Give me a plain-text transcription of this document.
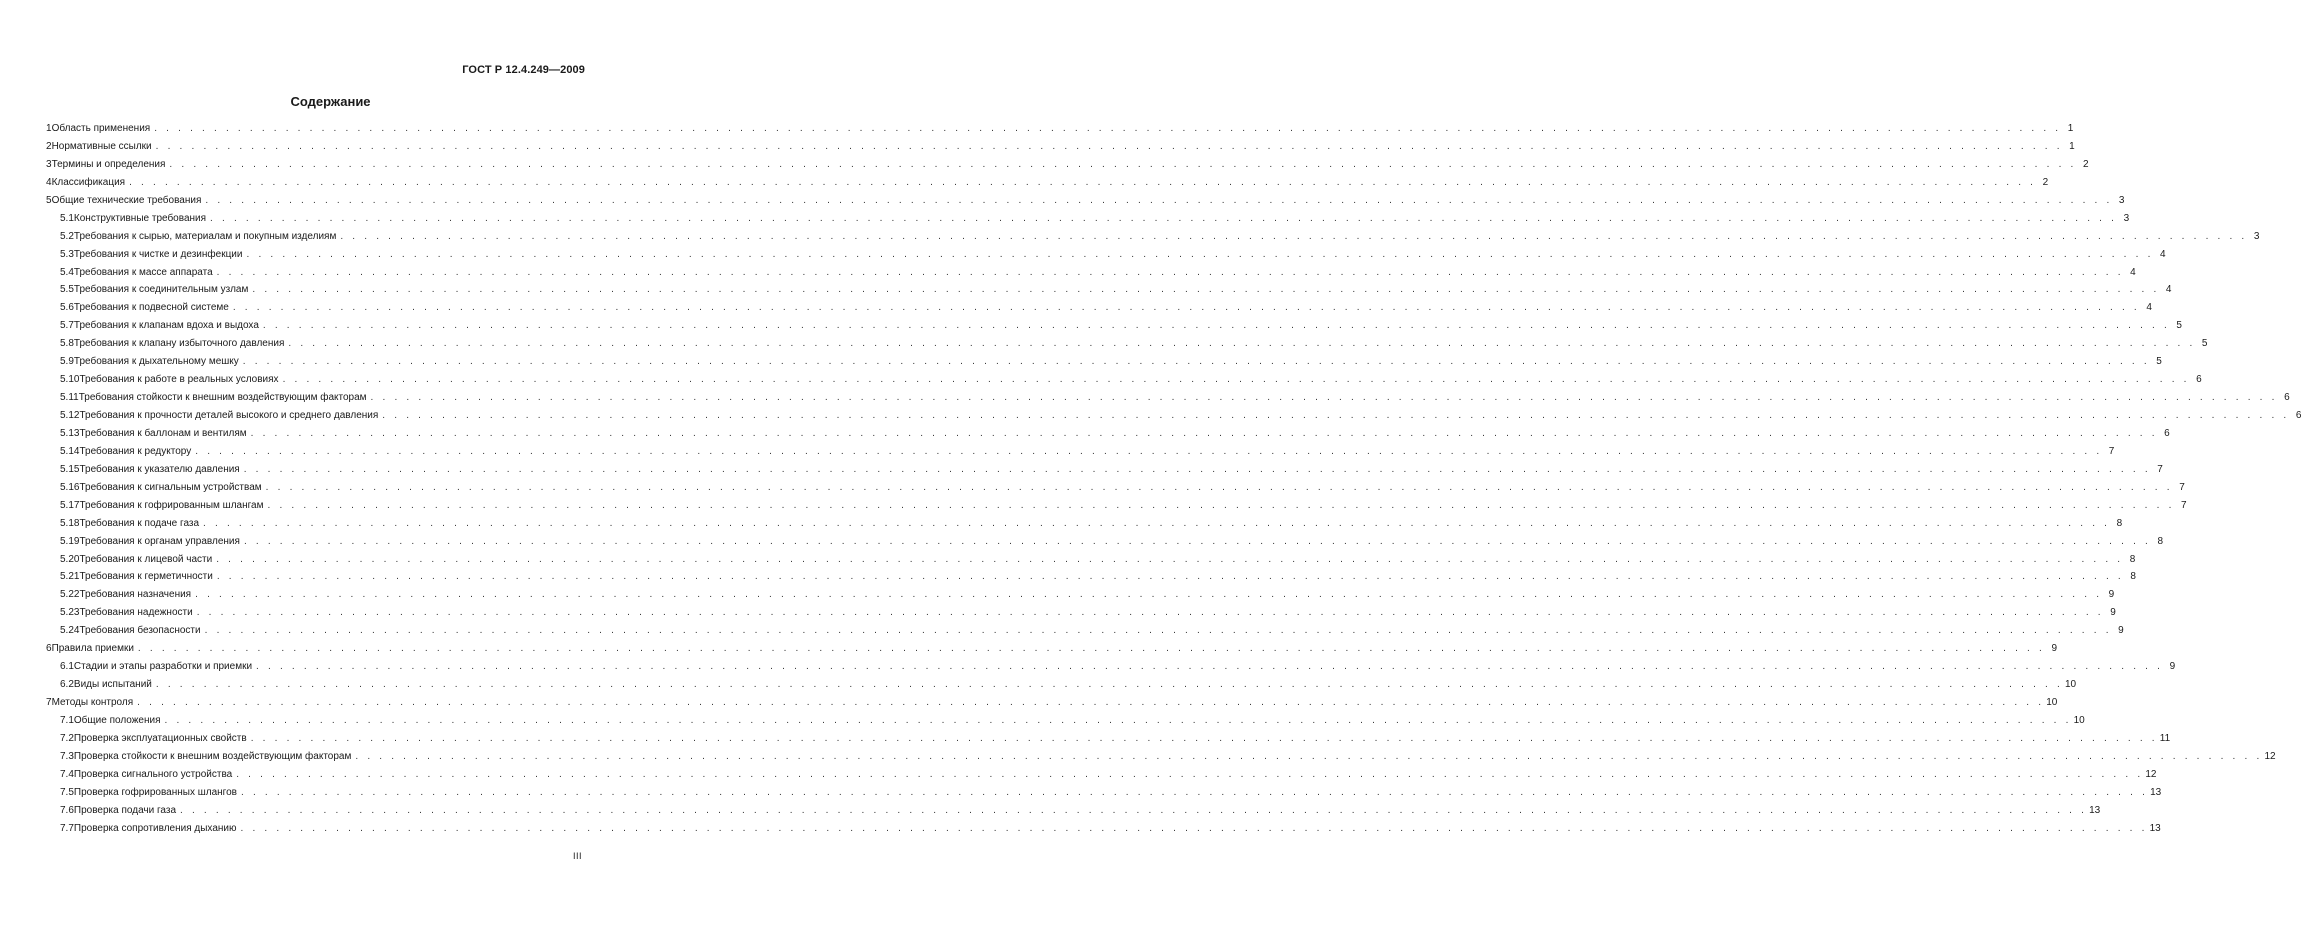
ГОСТ Р 12.4.249—2009
Содержание
1 Область применения . . . . . . . . . . . . . . . . . . . . . . . . . . . . . . . . . . . . . . . . . . . . . . . . . . . . . . . . . . . . . . . . . . . . . . . . . . . . . . . . . . . . . . . . . . . . . . . . . . . . . . . . . . . . . . . . . . . . . . . . . . . . . . . . . . . . . . . . . . . . . . . . . . . . . . . . . . . . . . . . 1
2 Нормативные ссылки . . . . . . . . . . . . . . . . . . . . . . . . . . . . . . . . . . . . . . . . . . . . . . . . . . . . . . . . . . . . . . . . . . . . . . . . . . . . . . . . . . . . . . . . . . . . . . . . . . . . . . . . . . . . . . . . . . . . . . . . . . . . . . . . . . . . . . . . . . . . . . . . . . . . . . . . . . . . . . . . 1
3 Термины и определения . . . . . . . . . . . . . . . . . . . . . . . . . . . . . . . . . . . . . . . . . . . . . . . . . . . . . . . . . . . . . . . . . . . . . . . . . . . . . . . . . . . . . . . . . . . . . . . . . . . . . . . . . . . . . . . . . . . . . . . . . . . . . . . . . . . . . . . . . . . . . . . . . . . . . . . . . . . . . . . . 2
4 Классификация . . . . . . . . . . . . . . . . . . . . . . . . . . . . . . . . . . . . . . . . . . . . . . . . . . . . . . . . . . . . . . . . . . . . . . . . . . . . . . . . . . . . . . . . . . . . . . . . . . . . . . . . . . . . . . . . . . . . . . . . . . . . . . . . . . . . . . . . . . . . . . . . . . . . . . . . . . . . . . . . 2
5 Общие технические требования . . . . . . . . . . . . . . . . . . . . . . . . . . . . . . . . . . . . . . . . . . . . . . . . . . . . . . . . . . . . . . . . . . . . . . . . . . . . . . . . . . . . . . . . . . . . . . . . . . . . . . . . . . . . . . . . . . . . . . . . . . . . . . . . . . . . . . . . . . . . . . . . . . . . . . . . . . . . . . . . 3
5.1 Конструктивные требования . . . . . . . . . . . . . . . . . . . . . . . . . . . . . . . . . . . . . . . . . . . . . . . . . . . . . . . . . . . . . . . . . . . . . . . . . . . . . . . . . . . . . . . . . . . . . . . . . . . . . . . . . . . . . . . . . . . . . . . . . . . . . . . . . . . . . . . . . . . . . . . . . . . . . . . . . . . . . . . . 3
5.2 Требования к сырью, материалам и покупным изделиям . . . . . . . . . . . . . . . . . . . . . . . . . . . . . . . . . . . . . . . . . . . . . . . . . . . . . . . . . . . . . . . . . . . . . . . . . . . . . . . . . . . . . . . . . . . . . . . . . . . . . . . . . . . . . . . . . . . . . . . . . . . . . . . . . . . . . . . . . . . . . . . . . . . . . . . . . . . . . . . . 3
5.3 Требования к чистке и дезинфекции . . . . . . . . . . . . . . . . . . . . . . . . . . . . . . . . . . . . . . . . . . . . . . . . . . . . . . . . . . . . . . . . . . . . . . . . . . . . . . . . . . . . . . . . . . . . . . . . . . . . . . . . . . . . . . . . . . . . . . . . . . . . . . . . . . . . . . . . . . . . . . . . . . . . . . . . . . . . . . . . 4
5.4 Требования к массе аппарата . . . . . . . . . . . . . . . . . . . . . . . . . . . . . . . . . . . . . . . . . . . . . . . . . . . . . . . . . . . . . . . . . . . . . . . . . . . . . . . . . . . . . . . . . . . . . . . . . . . . . . . . . . . . . . . . . . . . . . . . . . . . . . . . . . . . . . . . . . . . . . . . . . . . . . . . . . . . . . . . 4
5.5 Требования к соединительным узлам . . . . . . . . . . . . . . . . . . . . . . . . . . . . . . . . . . . . . . . . . . . . . . . . . . . . . . . . . . . . . . . . . . . . . . . . . . . . . . . . . . . . . . . . . . . . . . . . . . . . . . . . . . . . . . . . . . . . . . . . . . . . . . . . . . . . . . . . . . . . . . . . . . . . . . . . . . . . . . . . 4
5.6 Требования к подвесной системе . . . . . . . . . . . . . . . . . . . . . . . . . . . . . . . . . . . . . . . . . . . . . . . . . . . . . . . . . . . . . . . . . . . . . . . . . . . . . . . . . . . . . . . . . . . . . . . . . . . . . . . . . . . . . . . . . . . . . . . . . . . . . . . . . . . . . . . . . . . . . . . . . . . . . . . . . . . . . . . . 4
5.7 Требования к клапанам вдоха и выдоха . . . . . . . . . . . . . . . . . . . . . . . . . . . . . . . . . . . . . . . . . . . . . . . . . . . . . . . . . . . . . . . . . . . . . . . . . . . . . . . . . . . . . . . . . . . . . . . . . . . . . . . . . . . . . . . . . . . . . . . . . . . . . . . . . . . . . . . . . . . . . . . . . . . . . . . . . . . . . . . . 5
5.8 Требования к клапану избыточного давления . . . . . . . . . . . . . . . . . . . . . . . . . . . . . . . . . . . . . . . . . . . . . . . . . . . . . . . . . . . . . . . . . . . . . . . . . . . . . . . . . . . . . . . . . . . . . . . . . . . . . . . . . . . . . . . . . . . . . . . . . . . . . . . . . . . . . . . . . . . . . . . . . . . . . . . . . . . . . . . . 5
5.9 Требования к дыхательному мешку . . . . . . . . . . . . . . . . . . . . . . . . . . . . . . . . . . . . . . . . . . . . . . . . . . . . . . . . . . . . . . . . . . . . . . . . . . . . . . . . . . . . . . . . . . . . . . . . . . . . . . . . . . . . . . . . . . . . . . . . . . . . . . . . . . . . . . . . . . . . . . . . . . . . . . . . . . . . . . . . 5
5.10 Требования к работе в реальных условиях . . . . . . . . . . . . . . . . . . . . . . . . . . . . . . . . . . . . . . . . . . . . . . . . . . . . . . . . . . . . . . . . . . . . . . . . . . . . . . . . . . . . . . . . . . . . . . . . . . . . . . . . . . . . . . . . . . . . . . . . . . . . . . . . . . . . . . . . . . . . . . . . . . . . . . . . . . . . . . . . 6
5.11 Требования стойкости к внешним воздействующим факторам . . . . . . . . . . . . . . . . . . . . . . . . . . . . . . . . . . . . . . . . . . . . . . . . . . . . . . . . . . . . . . . . . . . . . . . . . . . . . . . . . . . . . . . . . . . . . . . . . . . . . . . . . . . . . . . . . . . . . . . . . . . . . . . . . . . . . . . . . . . . . . . . . . . . . . . . . . . . . . . . 6
5.12 Требования к прочности деталей высокого и среднего давления . . . . . . . . . . . . . . . . . . . . . . . . . . . . . . . . . . . . . . . . . . . . . . . . . . . . . . . . . . . . . . . . . . . . . . . . . . . . . . . . . . . . . . . . . . . . . . . . . . . . . . . . . . . . . . . . . . . . . . . . . . . . . . . . . . . . . . . . . . . . . . . . . . . . . . . . . . . . . . . . 6
5.13 Требования к баллонам и вентилям . . . . . . . . . . . . . . . . . . . . . . . . . . . . . . . . . . . . . . . . . . . . . . . . . . . . . . . . . . . . . . . . . . . . . . . . . . . . . . . . . . . . . . . . . . . . . . . . . . . . . . . . . . . . . . . . . . . . . . . . . . . . . . . . . . . . . . . . . . . . . . . . . . . . . . . . . . . . . . . . 6
5.14 Требования к редуктору . . . . . . . . . . . . . . . . . . . . . . . . . . . . . . . . . . . . . . . . . . . . . . . . . . . . . . . . . . . . . . . . . . . . . . . . . . . . . . . . . . . . . . . . . . . . . . . . . . . . . . . . . . . . . . . . . . . . . . . . . . . . . . . . . . . . . . . . . . . . . . . . . . . . . . . . . . . . . . . . 7
5.15 Требования к указателю давления . . . . . . . . . . . . . . . . . . . . . . . . . . . . . . . . . . . . . . . . . . . . . . . . . . . . . . . . . . . . . . . . . . . . . . . . . . . . . . . . . . . . . . . . . . . . . . . . . . . . . . . . . . . . . . . . . . . . . . . . . . . . . . . . . . . . . . . . . . . . . . . . . . . . . . . . . . . . . . . . 7
5.16 Требования к сигнальным устройствам . . . . . . . . . . . . . . . . . . . . . . . . . . . . . . . . . . . . . . . . . . . . . . . . . . . . . . . . . . . . . . . . . . . . . . . . . . . . . . . . . . . . . . . . . . . . . . . . . . . . . . . . . . . . . . . . . . . . . . . . . . . . . . . . . . . . . . . . . . . . . . . . . . . . . . . . . . . . . . . . 7
5.17 Требования к гофрированным шлангам . . . . . . . . . . . . . . . . . . . . . . . . . . . . . . . . . . . . . . . . . . . . . . . . . . . . . . . . . . . . . . . . . . . . . . . . . . . . . . . . . . . . . . . . . . . . . . . . . . . . . . . . . . . . . . . . . . . . . . . . . . . . . . . . . . . . . . . . . . . . . . . . . . . . . . . . . . . . . . . . 7
5.18 Требования к подаче газа . . . . . . . . . . . . . . . . . . . . . . . . . . . . . . . . . . . . . . . . . . . . . . . . . . . . . . . . . . . . . . . . . . . . . . . . . . . . . . . . . . . . . . . . . . . . . . . . . . . . . . . . . . . . . . . . . . . . . . . . . . . . . . . . . . . . . . . . . . . . . . . . . . . . . . . . . . . . . . . . 8
5.19 Требования к органам управления . . . . . . . . . . . . . . . . . . . . . . . . . . . . . . . . . . . . . . . . . . . . . . . . . . . . . . . . . . . . . . . . . . . . . . . . . . . . . . . . . . . . . . . . . . . . . . . . . . . . . . . . . . . . . . . . . . . . . . . . . . . . . . . . . . . . . . . . . . . . . . . . . . . . . . . . . . . . . . . . 8
5.20 Требования к лицевой части . . . . . . . . . . . . . . . . . . . . . . . . . . . . . . . . . . . . . . . . . . . . . . . . . . . . . . . . . . . . . . . . . . . . . . . . . . . . . . . . . . . . . . . . . . . . . . . . . . . . . . . . . . . . . . . . . . . . . . . . . . . . . . . . . . . . . . . . . . . . . . . . . . . . . . . . . . . . . . . . 8
5.21 Требования к герметичности . . . . . . . . . . . . . . . . . . . . . . . . . . . . . . . . . . . . . . . . . . . . . . . . . . . . . . . . . . . . . . . . . . . . . . . . . . . . . . . . . . . . . . . . . . . . . . . . . . . . . . . . . . . . . . . . . . . . . . . . . . . . . . . . . . . . . . . . . . . . . . . . . . . . . . . . . . . . . . . . 8
5.22 Требования назначения . . . . . . . . . . . . . . . . . . . . . . . . . . . . . . . . . . . . . . . . . . . . . . . . . . . . . . . . . . . . . . . . . . . . . . . . . . . . . . . . . . . . . . . . . . . . . . . . . . . . . . . . . . . . . . . . . . . . . . . . . . . . . . . . . . . . . . . . . . . . . . . . . . . . . . . . . . . . . . . . 9
5.23 Требования надежности . . . . . . . . . . . . . . . . . . . . . . . . . . . . . . . . . . . . . . . . . . . . . . . . . . . . . . . . . . . . . . . . . . . . . . . . . . . . . . . . . . . . . . . . . . . . . . . . . . . . . . . . . . . . . . . . . . . . . . . . . . . . . . . . . . . . . . . . . . . . . . . . . . . . . . . . . . . . . . . . 9
5.24 Требования безопасности . . . . . . . . . . . . . . . . . . . . . . . . . . . . . . . . . . . . . . . . . . . . . . . . . . . . . . . . . . . . . . . . . . . . . . . . . . . . . . . . . . . . . . . . . . . . . . . . . . . . . . . . . . . . . . . . . . . . . . . . . . . . . . . . . . . . . . . . . . . . . . . . . . . . . . . . . . . . . . . . 9
6 Правила приемки . . . . . . . . . . . . . . . . . . . . . . . . . . . . . . . . . . . . . . . . . . . . . . . . . . . . . . . . . . . . . . . . . . . . . . . . . . . . . . . . . . . . . . . . . . . . . . . . . . . . . . . . . . . . . . . . . . . . . . . . . . . . . . . . . . . . . . . . . . . . . . . . . . . . . . . . . . . . . . . . 9
6.1 Стадии и этапы разработки и приемки . . . . . . . . . . . . . . . . . . . . . . . . . . . . . . . . . . . . . . . . . . . . . . . . . . . . . . . . . . . . . . . . . . . . . . . . . . . . . . . . . . . . . . . . . . . . . . . . . . . . . . . . . . . . . . . . . . . . . . . . . . . . . . . . . . . . . . . . . . . . . . . . . . . . . . . . . . . . . . . . 9
6.2 Виды испытаний . . . . . . . . . . . . . . . . . . . . . . . . . . . . . . . . . . . . . . . . . . . . . . . . . . . . . . . . . . . . . . . . . . . . . . . . . . . . . . . . . . . . . . . . . . . . . . . . . . . . . . . . . . . . . . . . . . . . . . . . . . . . . . . . . . . . . . . . . . . . . . . . . . . . . . . . . . . . . . . . 10
7 Методы контроля . . . . . . . . . . . . . . . . . . . . . . . . . . . . . . . . . . . . . . . . . . . . . . . . . . . . . . . . . . . . . . . . . . . . . . . . . . . . . . . . . . . . . . . . . . . . . . . . . . . . . . . . . . . . . . . . . . . . . . . . . . . . . . . . . . . . . . . . . . . . . . . . . . . . . . . . . . . . . . . . 10
7.1 Общие положения . . . . . . . . . . . . . . . . . . . . . . . . . . . . . . . . . . . . . . . . . . . . . . . . . . . . . . . . . . . . . . . . . . . . . . . . . . . . . . . . . . . . . . . . . . . . . . . . . . . . . . . . . . . . . . . . . . . . . . . . . . . . . . . . . . . . . . . . . . . . . . . . . . . . . . . . . . . . . . . . 10
7.2 Проверка эксплуатационных свойств . . . . . . . . . . . . . . . . . . . . . . . . . . . . . . . . . . . . . . . . . . . . . . . . . . . . . . . . . . . . . . . . . . . . . . . . . . . . . . . . . . . . . . . . . . . . . . . . . . . . . . . . . . . . . . . . . . . . . . . . . . . . . . . . . . . . . . . . . . . . . . . . . . . . . . . . . . . . . . . . 11
7.3 Проверка стойкости к внешним воздействующим факторам . . . . . . . . . . . . . . . . . . . . . . . . . . . . . . . . . . . . . . . . . . . . . . . . . . . . . . . . . . . . . . . . . . . . . . . . . . . . . . . . . . . . . . . . . . . . . . . . . . . . . . . . . . . . . . . . . . . . . . . . . . . . . . . . . . . . . . . . . . . . . . . . . . . . . . . . . . . . . . . . 12
7.4 Проверка сигнального устройства . . . . . . . . . . . . . . . . . . . . . . . . . . . . . . . . . . . . . . . . . . . . . . . . . . . . . . . . . . . . . . . . . . . . . . . . . . . . . . . . . . . . . . . . . . . . . . . . . . . . . . . . . . . . . . . . . . . . . . . . . . . . . . . . . . . . . . . . . . . . . . . . . . . . . . . . . . . . . . . . 12
7.5 Проверка гофрированных шлангов . . . . . . . . . . . . . . . . . . . . . . . . . . . . . . . . . . . . . . . . . . . . . . . . . . . . . . . . . . . . . . . . . . . . . . . . . . . . . . . . . . . . . . . . . . . . . . . . . . . . . . . . . . . . . . . . . . . . . . . . . . . . . . . . . . . . . . . . . . . . . . . . . . . . . . . . . . . . . . . . 13
7.6 Проверка подачи газа . . . . . . . . . . . . . . . . . . . . . . . . . . . . . . . . . . . . . . . . . . . . . . . . . . . . . . . . . . . . . . . . . . . . . . . . . . . . . . . . . . . . . . . . . . . . . . . . . . . . . . . . . . . . . . . . . . . . . . . . . . . . . . . . . . . . . . . . . . . . . . . . . . . . . . . . . . . . . . . . 13
7.7 Проверка сопротивления дыханию . . . . . . . . . . . . . . . . . . . . . . . . . . . . . . . . . . . . . . . . . . . . . . . . . . . . . . . . . . . . . . . . . . . . . . . . . . . . . . . . . . . . . . . . . . . . . . . . . . . . . . . . . . . . . . . . . . . . . . . . . . . . . . . . . . . . . . . . . . . . . . . . . . . . . . . . . . . . . . . . 13
III
